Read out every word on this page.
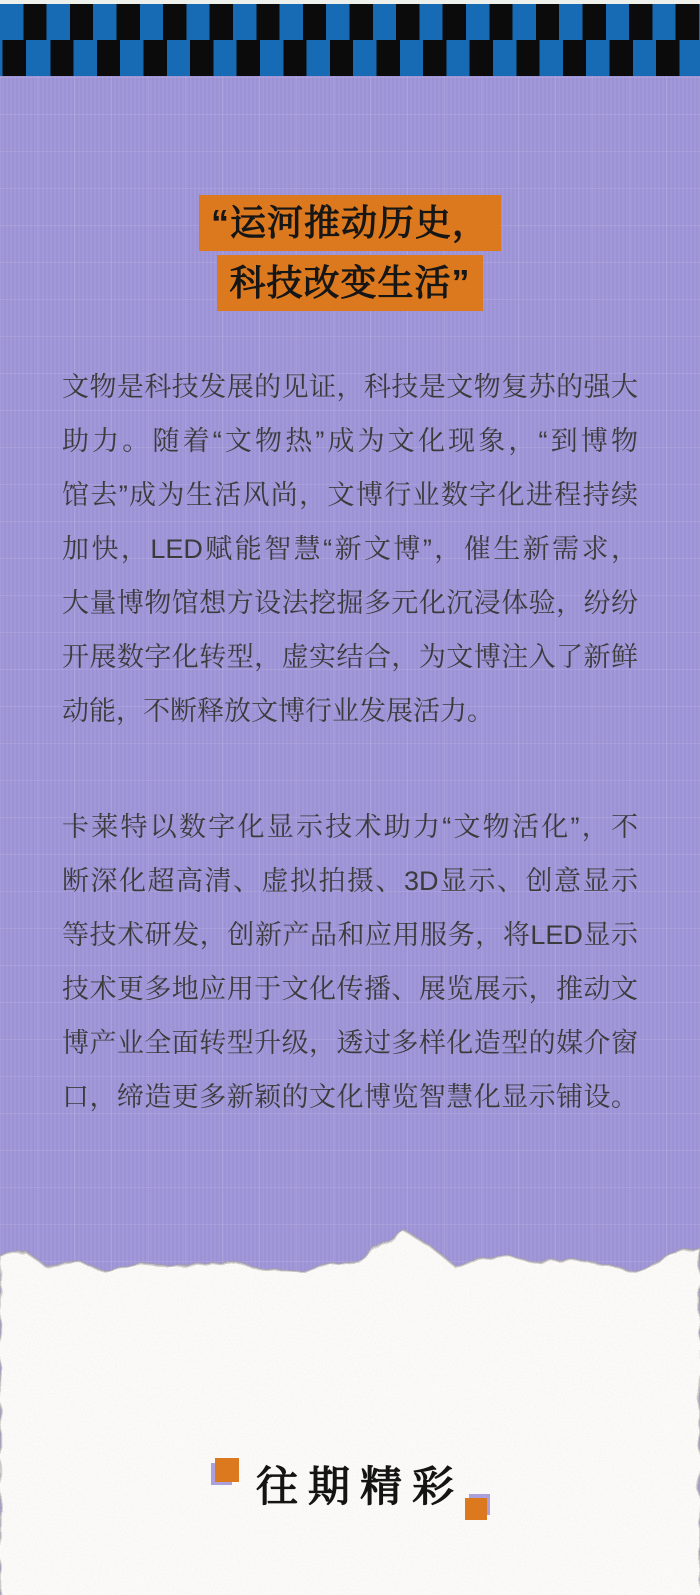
“运河推动历史，
科技改变生活”
文物是科技发展的见证，科技是文物复苏的强大
助力。随着“文物热”成为文化现象，“到博物
馆去”成为生活风尚，文博行业数字化进程持续
加快，LED赋能智慧“新文博”，催生新需求，
大量博物馆想方设法挖掘多元化沉浸体验，纷纷
开展数字化转型，虚实结合，为文博注入了新鲜
动能，不断释放文博行业发展活力。
卡莱特以数字化显示技术助力“文物活化”，不
断深化超高清、虚拟拍摄、3D显示、创意显示
等技术研发，创新产品和应用服务，将LED显示
技术更多地应用于文化传播、展览展示，推动文
博产业全面转型升级，透过多样化造型的媒介窗
口，缔造更多新颖的文化博览智慧化显示铺设。
往期精彩
